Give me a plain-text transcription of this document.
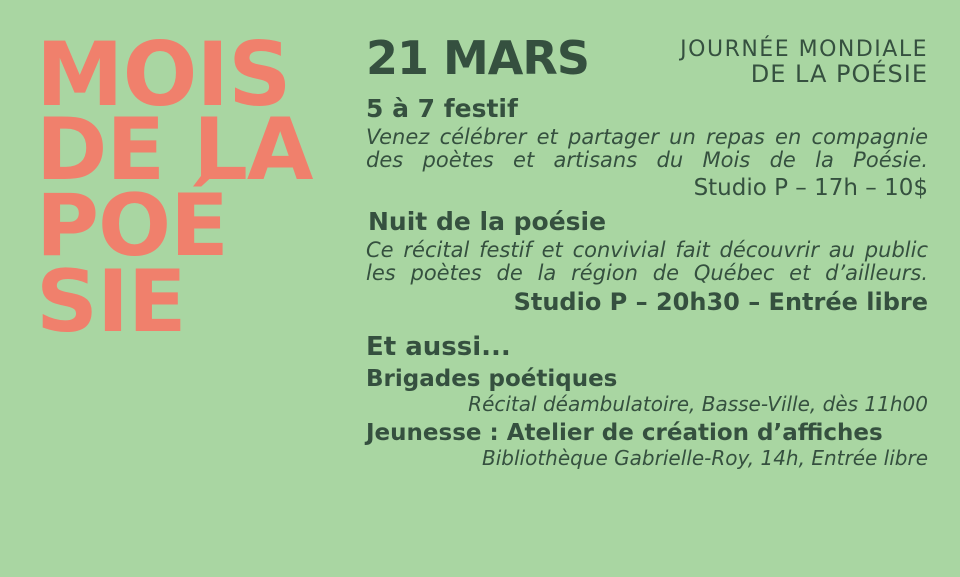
MOIS
DE LA
POÉ
SIE
21 MARS	JOURNÉE MONDIALE
DE LA POÉSIE
5 à 7 festif
Venez célébrer et partager un repas en compagnie des poètes et artisans du Mois de la Poésie.
Studio P – 17h – 10$
Nuit de la poésie
Ce récital festif et convivial fait découvrir au public les poètes de la région de Québec et d’ailleurs.
Studio P – 20h30 – Entrée libre
Et aussi...
Brigades poétiques
Récital déambulatoire, Basse-Ville, dès 11h00
Jeunesse : Atelier de création d’affiches
Bibliothèque Gabrielle-Roy, 14h, Entrée libre
